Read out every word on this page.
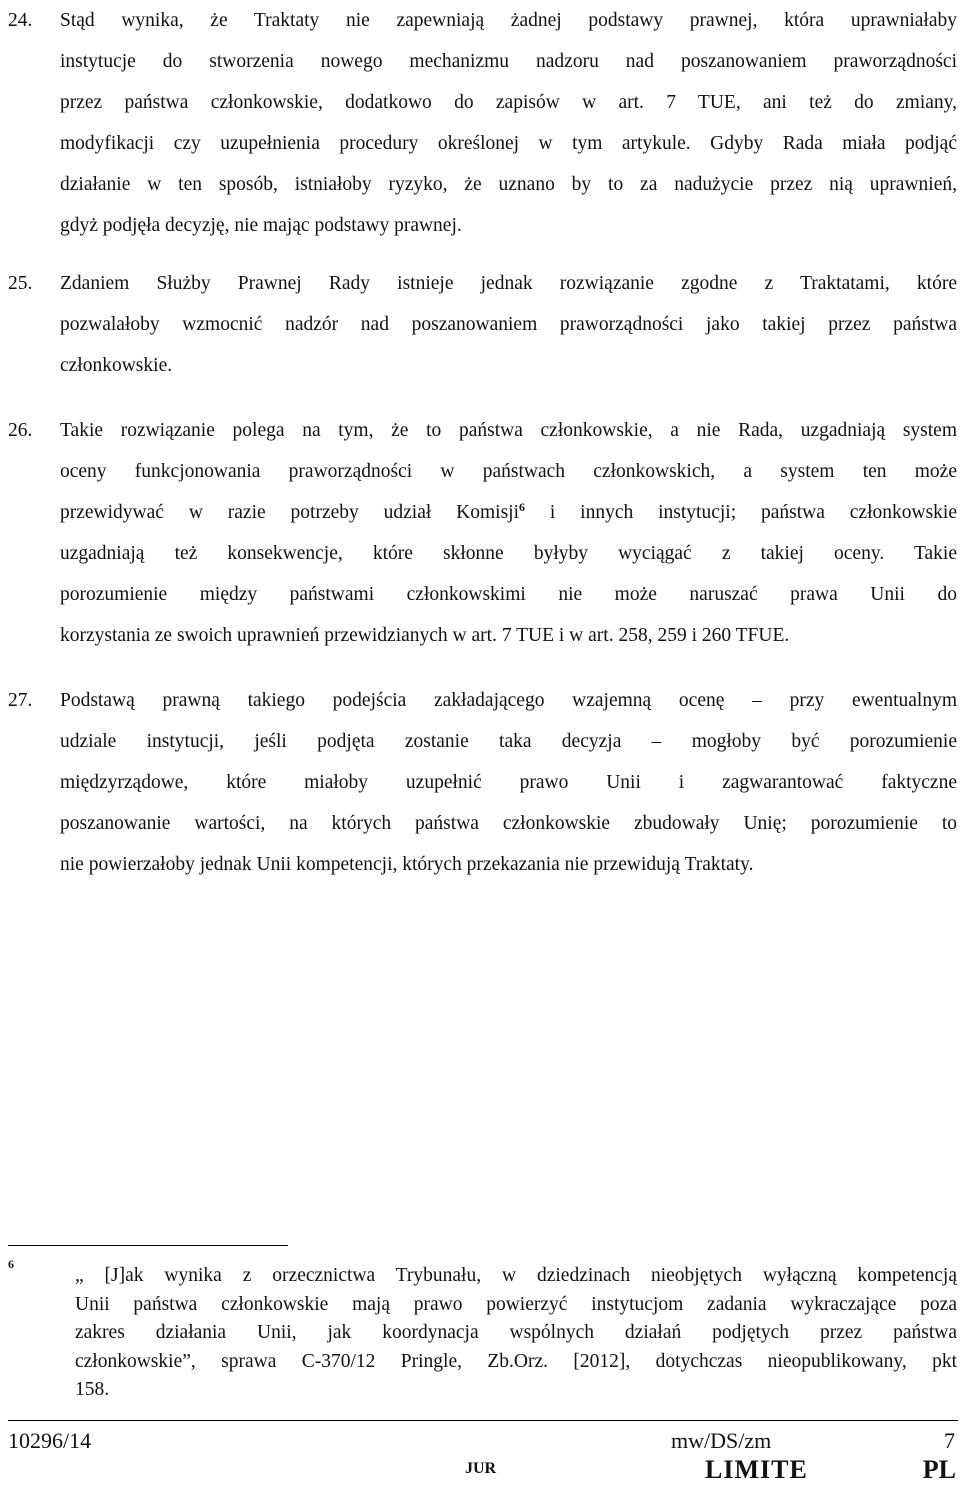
24. Stąd wynika, że Traktaty nie zapewniają żadnej podstawy prawnej, która uprawniałaby
instytucje do stworzenia nowego mechanizmu nadzoru nad poszanowaniem praworządności
przez państwa członkowskie, dodatkowo do zapisów w art. 7 TUE, ani też do zmiany,
modyfikacji czy uzupełnienia procedury określonej w tym artykule. Gdyby Rada miała podjąć
działanie w ten sposób, istniałoby ryzyko, że uznano by to za nadużycie przez nią uprawnień,
gdyż podjęła decyzję, nie mając podstawy prawnej.
25. Zdaniem Służby Prawnej Rady istnieje jednak rozwiązanie zgodne z Traktatami, które
pozwalałoby wzmocnić nadzór nad poszanowaniem praworządności jako takiej przez państwa
członkowskie.
26. Takie rozwiązanie polega na tym, że to państwa członkowskie, a nie Rada, uzgadniają system
oceny funkcjonowania praworządności w państwach członkowskich, a system ten może
przewidywać w razie potrzeby udział Komisji$^6$ i innych instytucji; państwa członkowskie
uzgadniają też konsekwencje, które skłonne byłyby wyciągać z takiej oceny. Takie
porozumienie między państwami członkowskimi nie może naruszać prawa Unii do
korzystania ze swoich uprawnień przewidzianych w art. 7 TUE i w art. 258, 259 i 260 TFUE.
27. Podstawą prawną takiego podejścia zakładającego wzajemną ocenę – przy ewentualnym
udziale instytucji, jeśli podjęta zostanie taka decyzja – mogłoby być porozumienie
międzyrządowe, które miałoby uzupełnić prawo Unii i zagwarantować faktyczne
poszanowanie wartości, na których państwa członkowskie zbudowały Unię; porozumienie to
nie powierzałoby jednak Unii kompetencji, których przekazania nie przewidują Traktaty.
6
„ [J]ak wynika z orzecznictwa Trybunału, w dziedzinach nieobjętych wyłączną kompetencją
Unii państwa członkowskie mają prawo powierzyć instytucjom zadania wykraczające poza
zakres działania Unii, jak koordynacja wspólnych działań podjętych przez państwa
członkowskie”, sprawa C-370/12 Pringle, Zb.Orz. [2012], dotychczas nieopublikowany, pkt
158.
10296/14	mw/DS/zm	7
JUR	LIMITE	PL
